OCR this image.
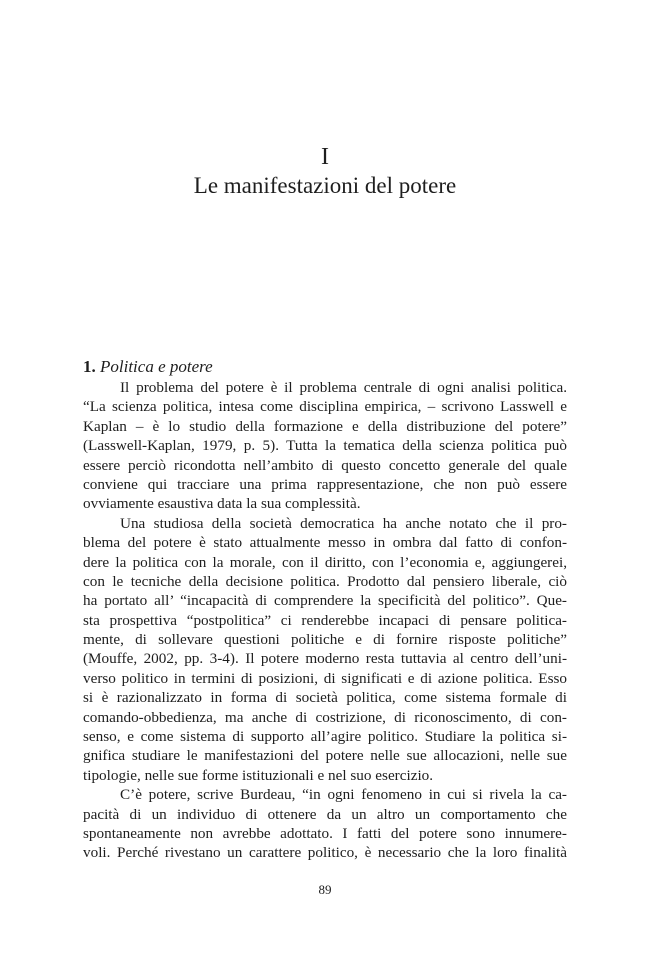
I
Le manifestazioni del potere
1. Politica e potere
Il problema del potere è il problema centrale di ogni analisi politica.
“La scienza politica, intesa come disciplina empirica, – scrivono Lasswell e
Kaplan – è lo studio della formazione e della distribuzione del potere”
(Lasswell-Kaplan, 1979, p. 5). Tutta la tematica della scienza politica può
essere perciò ricondotta nell’ambito di questo concetto generale del quale
conviene qui tracciare una prima rappresentazione, che non può essere
ovviamente esaustiva data la sua complessità.
Una studiosa della società democratica ha anche notato che il pro-
blema del potere è stato attualmente messo in ombra dal fatto di confon-
dere la politica con la morale, con il diritto, con l’economia e, aggiungerei,
con le tecniche della decisione politica. Prodotto dal pensiero liberale, ciò
ha portato all’ “incapacità di comprendere la specificità del politico”. Que-
sta prospettiva “postpolitica” ci renderebbe incapaci di pensare politica-
mente, di sollevare questioni politiche e di fornire risposte politiche”
(Mouffe, 2002, pp. 3-4). Il potere moderno resta tuttavia al centro dell’uni-
verso politico in termini di posizioni, di significati e di azione politica. Esso
si è razionalizzato in forma di società politica, come sistema formale di
comando-obbedienza, ma anche di costrizione, di riconoscimento, di con-
senso, e come sistema di supporto all’agire politico. Studiare la politica si-
gnifica studiare le manifestazioni del potere nelle sue allocazioni, nelle sue
tipologie, nelle sue forme istituzionali e nel suo esercizio.
C’è potere, scrive Burdeau, “in ogni fenomeno in cui si rivela la ca-
pacità di un individuo di ottenere da un altro un comportamento che
spontaneamente non avrebbe adottato. I fatti del potere sono innumere-
voli. Perché rivestano un carattere politico, è necessario che la loro finalità
89
